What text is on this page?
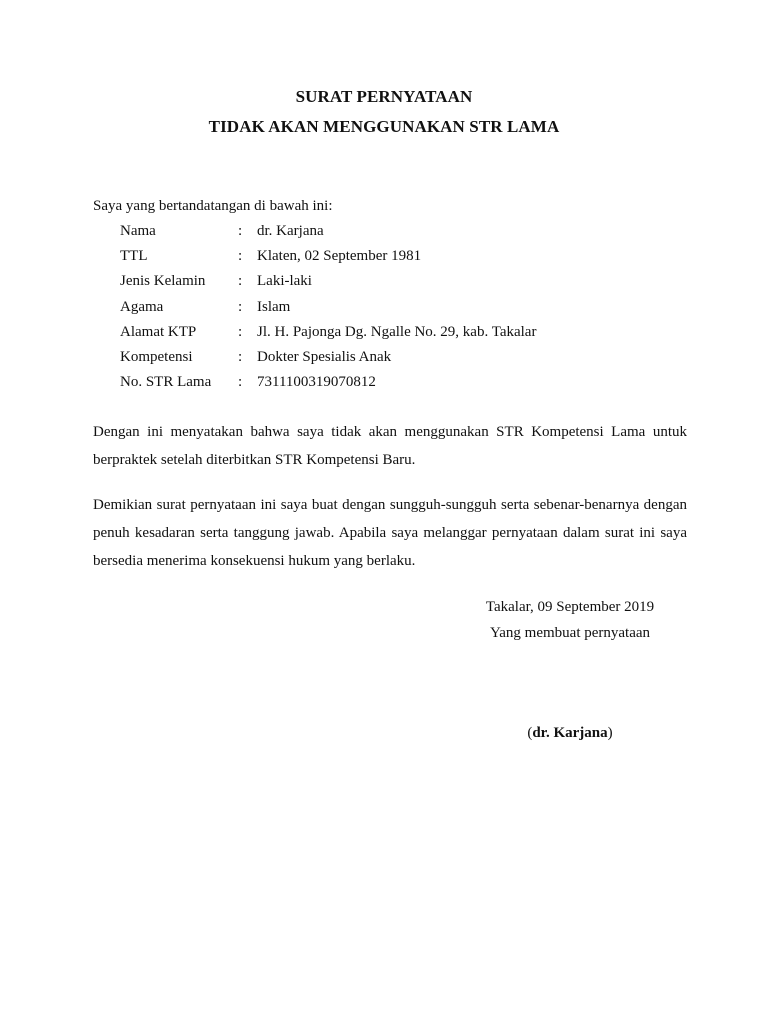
SURAT PERNYATAAN
TIDAK AKAN MENGGUNAKAN STR LAMA
Saya yang bertandatangan di bawah ini:
Nama	: dr. Karjana
TTL	: Klaten, 02 September 1981
Jenis Kelamin : Laki-laki
Agama	: Islam
Alamat KTP	: Jl. H. Pajonga Dg. Ngalle No. 29, kab. Takalar
Kompetensi	: Dokter Spesialis Anak
No. STR Lama : 7311100319070812
Dengan ini menyatakan bahwa saya tidak akan menggunakan STR Kompetensi Lama untuk berpraktek setelah diterbitkan STR Kompetensi Baru.
Demikian surat pernyataan ini saya buat dengan sungguh-sungguh serta sebenar-benarnya dengan penuh kesadaran serta tanggung jawab. Apabila saya melanggar pernyataan dalam surat ini saya bersedia menerima konsekuensi hukum yang berlaku.
Takalar, 09 September 2019
Yang membuat pernyataan
(dr. Karjana)
